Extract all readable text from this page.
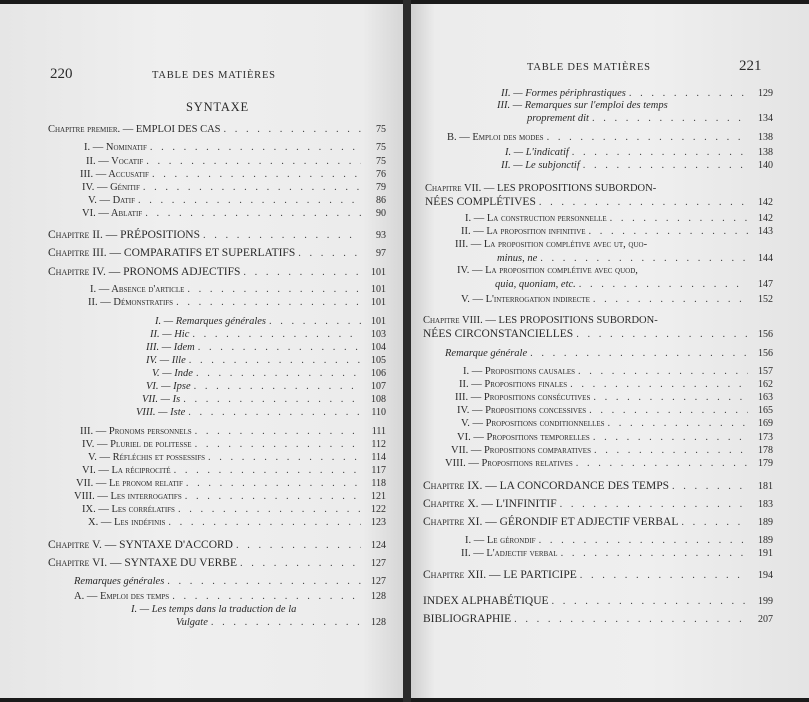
220	TABLE DES MATIÈRES
SYNTAXE
Chapitre premier. — EMPLOI DES CAS . . .	75
I. — Nominatif . . .	75
II. — Vocatif . . .	75
III. — Accusatif . . .	76
IV. — Génitif . . .	79
V. — Datif . . .	86
VI. — Ablatif . . .	90
Chapitre II. — PRÉPOSITIONS . . .	93
Chapitre III. — COMPARATIFS ET SUPERLATIFS . . .	97
Chapitre IV. — PRONOMS ADJECTIFS . . .	101
I. — Absence d'article . . .	101
II. — Démonstratifs . . .	101
I. — Remarques générales . . .	101
II. — Hic . . .	103
III. — Idem . . .	104
IV. — Ille . . .	105
V. — Inde . . .	106
VI. — Ipse . . .	107
VII. — Is . . .	108
VIII. — Iste . . .	110
III. — Pronoms personnels . . .	111
IV. — Pluriel de politesse . . .	112
V. — Réfléchis et possessifs . . .	114
VI. — La réciprocité . . .	117
VII. — Le pronom relatif . . .	118
VIII. — Les interrogatifs . . .	121
IX. — Les corrélatifs . . .	122
X. — Les indéfinis . . .	123
Chapitre V. — SYNTAXE D'ACCORD . . .	124
Chapitre VI. — SYNTAXE DU VERBE . . .	127
Remarques générales . . .	127
A. — Emploi des temps . . .	128
I. — Les temps dans la traduction de la
Vulgate . . .	128
TABLE DES MATIÈRES	221
II. — Formes périphrastiques . . .	129
III. — Remarques sur l'emploi des temps
proprement dit . . .	134
B. — Emploi des modes . . .	138
I. — L'indicatif . . .	138
II. — Le subjonctif . . .	140
Chapitre VII. — LES PROPOSITIONS SUBORDON-
NÉES COMPLÉTIVES . . .	142
I. — La construction personnelle . . .	142
II. — La proposition infinitive . . .	143
III. — La proposition complétive avec ut, quo-
minus, ne . . .	144
IV. — La proposition complétive avec quod,
quia, quoniam, etc. . . .	147
V. — L'interrogation indirecte . . .	152
Chapitre VIII. — LES PROPOSITIONS SUBORDON-
NÉES CIRCONSTANCIELLES . . .	156
Remarque générale . . .	156
I. — Propositions causales . . .	157
II. — Propositions finales . . .	162
III. — Propositions consécutives . . .	163
IV. — Propositions concessives . . .	165
V. — Propositions conditionnelles . . .	169
VI. — Propositions temporelles . . .	173
VII. — Propositions comparatives . . .	178
VIII. — Propositions relatives . . .	179
Chapitre IX. — LA CONCORDANCE DES TEMPS . . .	181
Chapitre X. — L'INFINITIF . . .	183
Chapitre XI. — GÉRONDIF ET ADJECTIF VERBAL . . .	189
I. — Le gérondif . . .	189
II. — L'adjectif verbal . . .	191
Chapitre XII. — LE PARTICIPE . . .	194
INDEX ALPHABÉTIQUE . . .	199
BIBLIOGRAPHIE . . .	207
